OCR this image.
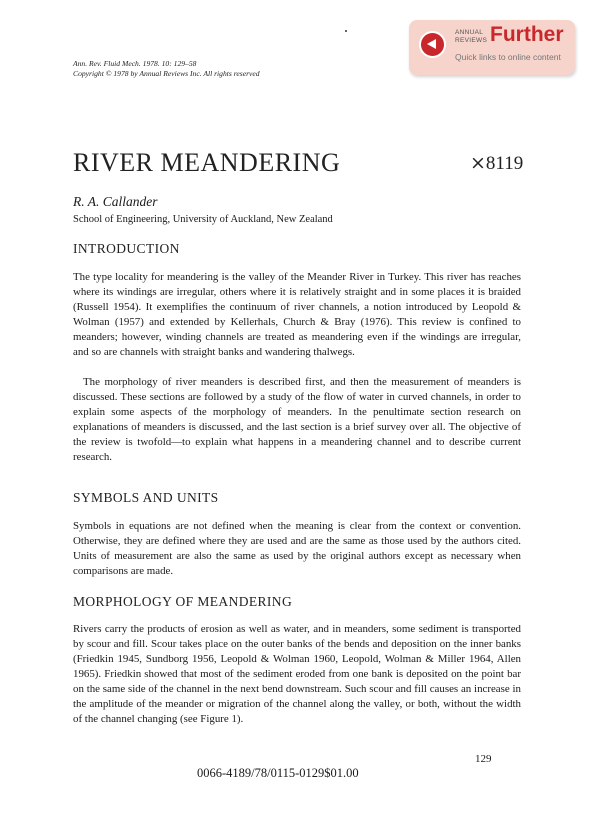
Ann. Rev. Fluid Mech. 1978. 10: 129–58
Copyright © 1978 by Annual Reviews Inc. All rights reserved
ANNUAL
REVIEWS Further
Quick links to online content
RIVER MEANDERING	⨯8119
R. A. Callander
School of Engineering, University of Auckland, New Zealand
INTRODUCTION

The type locality for meandering is the valley of the Meander River in Turkey. This river has reaches where its windings are irregular, others where it is relatively straight and in some places it is braided (Russell 1954). It exemplifies the continuum of river channels, a notion introduced by Leopold & Wolman (1957) and extended by Kellerhals, Church & Bray (1976). This review is confined to meanders; however, winding channels are treated as meandering even if the windings are irregular, and so are channels with straight banks and wandering thalwegs.

The morphology of river meanders is described first, and then the measurement of meanders is discussed. These sections are followed by a study of the flow of water in curved channels, in order to explain some aspects of the morphology of meanders. In the penultimate section research on explanations of meanders is discussed, and the last section is a brief survey over all. The objective of the review is twofold—to explain what happens in a meandering channel and to describe current research.

SYMBOLS AND UNITS

Symbols in equations are not defined when the meaning is clear from the context or convention. Otherwise, they are defined where they are used and are the same as those used by the authors cited. Units of measurement are also the same as used by the original authors except as necessary when comparisons are made.

MORPHOLOGY OF MEANDERING

Rivers carry the products of erosion as well as water, and in meanders, some sediment is transported by scour and fill. Scour takes place on the outer banks of the bends and deposition on the inner banks (Friedkin 1945, Sundborg 1956, Leopold & Wolman 1960, Leopold, Wolman & Miller 1964, Allen 1965). Friedkin showed that most of the sediment eroded from one bank is deposited on the point bar on the same side of the channel in the next bend downstream. Such scour and fill causes an increase in the amplitude of the meander or migration of the channel along the valley, or both, without the width of the channel changing (see Figure 1).

129
0066-4189/78/0115-0129$01.00
